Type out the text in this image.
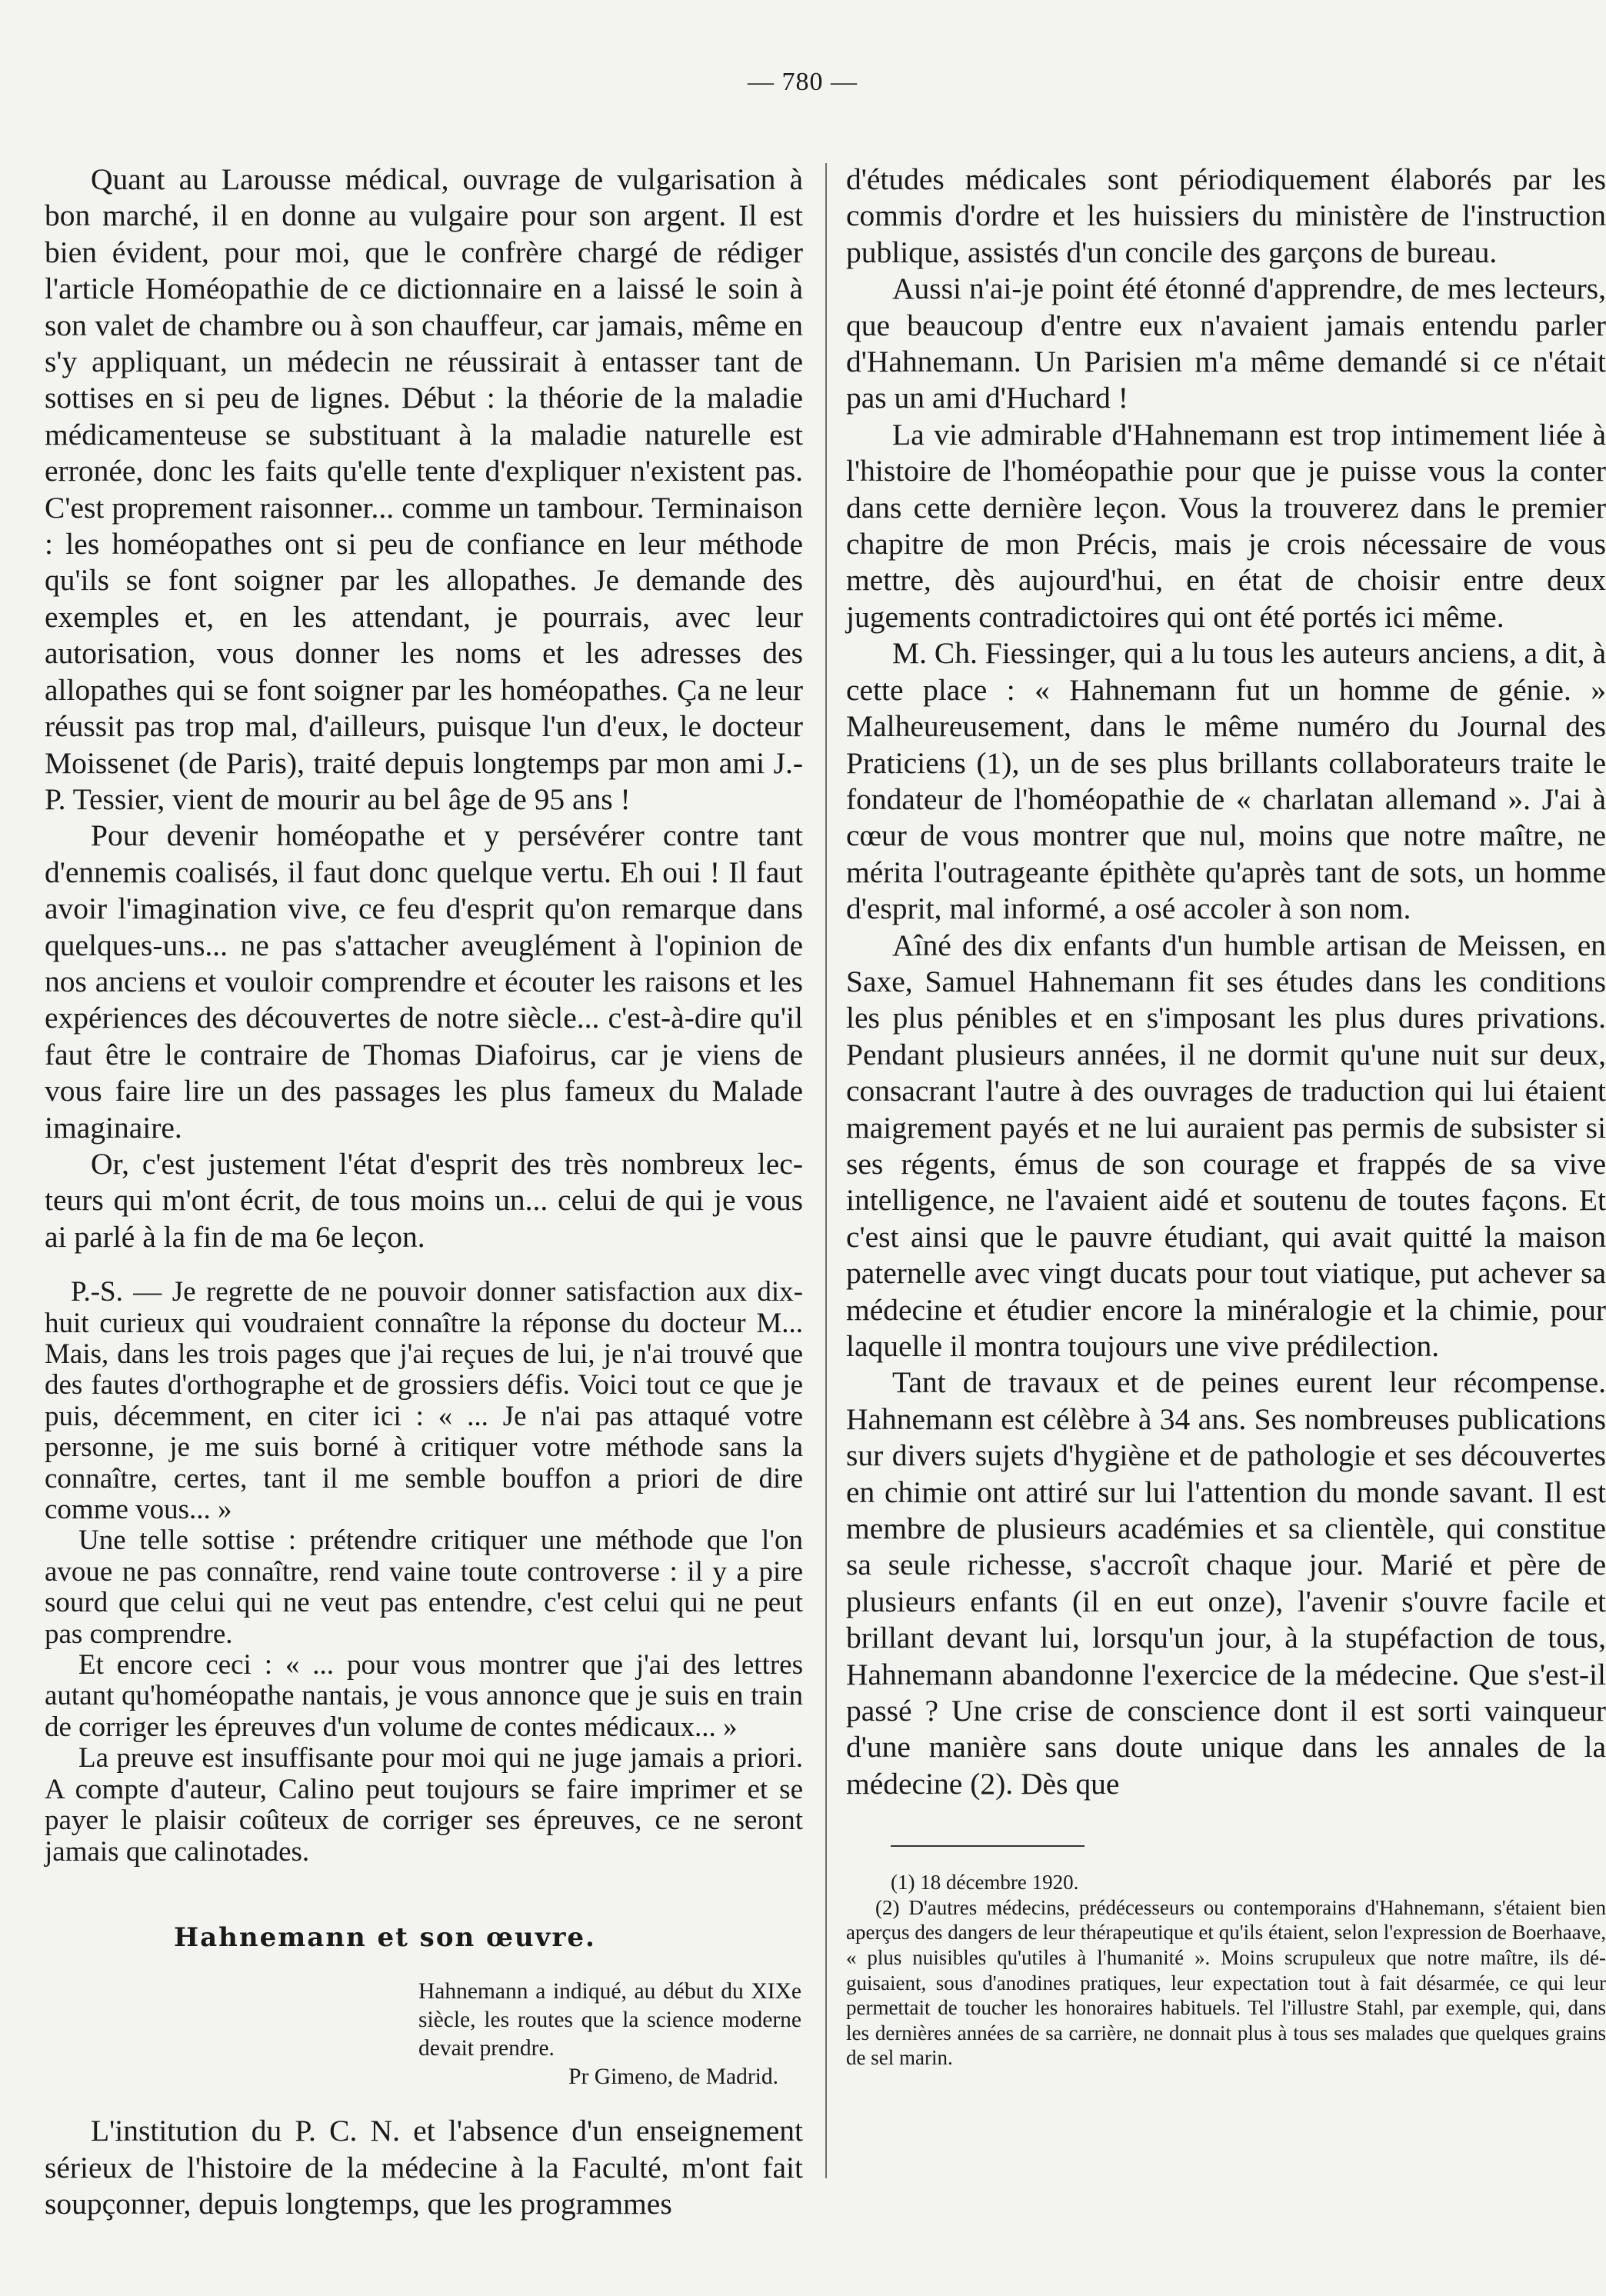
— 780 —

Quant au Larousse médical, ouvrage de vulgarisation à bon marché, il en donne au vulgaire pour son argent. Il est bien évident, pour moi, que le confrère chargé de rédiger l'article Homéopathie de ce dictionnaire en a laissé le soin à son valet de chambre ou à son chauffeur, car jamais, même en s'y appliquant, un médecin ne réussirait à entasser tant de sottises en si peu de lignes. Début : la théorie de la maladie médicamenteuse se substituant à la maladie naturelle est erronée, donc les faits qu'elle tente d'expliquer n'existent pas. C'est proprement raisonner... comme un tambour. Terminaison : les homéopathes ont si peu de confiance en leur méthode qu'ils se font soigner par les allopathes. Je demande des exemples et, en les attendant, je pourrais, avec leur autorisation, vous donner les noms et les adresses des allopathes qui se font soigner par les homéopathes. Ça ne leur réussit pas trop mal, d'ailleurs, puisque l'un d'eux, le docteur Moissenet (de Paris), traité depuis longtemps par mon ami J.-P. Tessier, vient de mourir au bel âge de 95 ans !

Pour devenir homéopathe et y persévérer contre tant d'ennemis coalisés, il faut donc quelque vertu. Eh oui ! Il faut avoir l'imagination vive, ce feu d'esprit qu'on remarque dans quelques-uns... ne pas s'attacher aveuglément à l'opinion de nos anciens et vouloir comprendre et écouter les raisons et les expériences des découvertes de notre siècle... c'est-à-dire qu'il faut être le contraire de Thomas Diafoirus, car je viens de vous faire lire un des passages les plus fameux du Malade imaginaire.

Or, c'est justement l'état d'esprit des très nombreux lecteurs qui m'ont écrit, de tous moins un... celui de qui je vous ai parlé à la fin de ma 6e leçon.

P.-S. — Je regrette de ne pouvoir donner satisfaction aux dix-huit curieux qui voudraient connaître la réponse du docteur M... Mais, dans les trois pages que j'ai reçues de lui, je n'ai trouvé que des fautes d'orthographe et de grossiers défis. Voici tout ce que je puis, décemment, en citer ici : « ... Je n'ai pas attaqué votre personne, je me suis borné à critiquer votre méthode sans la connaître, certes, tant il me semble bouffon a priori de dire comme vous... »

Une telle sottise : prétendre critiquer une méthode que l'on avoue ne pas connaître, rend vaine toute controverse : il y a pire sourd que celui qui ne veut pas entendre, c'est celui qui ne peut pas comprendre.

Et encore ceci : « ... pour vous montrer que j'ai des lettres autant qu'homéopathe nantais, je vous annonce que je suis en train de corriger les épreuves d'un volume de contes médicaux... »

La preuve est insuffisante pour moi qui ne juge jamais a priori. A compte d'auteur, Calino peut toujours se faire imprimer et se payer le plaisir coûteux de corriger ses épreuves, ce ne seront jamais que calinotades.

Hahnemann et son œuvre.
Hahnemann a indiqué, au début du XIXe siècle, les routes que la science moderne devait prendre.
Pr Gimeno, de Madrid.

L'institution du P. C. N. et l'absence d'un enseignement sérieux de l'histoire de la médecine à la Faculté, m'ont fait soupçonner, depuis longtemps, que les programmes

d'études médicales sont périodiquement élaborés par les commis d'ordre et les huissiers du ministère de l'instruction publique, assistés d'un concile des garçons de bureau.

Aussi n'ai-je point été étonné d'apprendre, de mes lecteurs, que beaucoup d'entre eux n'avaient jamais entendu parler d'Hahnemann. Un Parisien m'a même demandé si ce n'était pas un ami d'Huchard !

La vie admirable d'Hahnemann est trop intimement liée à l'histoire de l'homéopathie pour que je puisse vous la conter dans cette dernière leçon. Vous la trouverez dans le premier chapitre de mon Précis, mais je crois nécessaire de vous mettre, dès aujourd'hui, en état de choisir entre deux jugements contradictoires qui ont été portés ici même.

M. Ch. Fiessinger, qui a lu tous les auteurs anciens, a dit, à cette place : « Hahnemann fut un homme de génie. » Malheureusement, dans le même numéro du Journal des Praticiens (1), un de ses plus brillants collaborateurs traite le fondateur de l'homéopathie de « charlatan allemand ». J'ai à cœur de vous montrer que nul, moins que notre maître, ne mérita l'outrageante épithète qu'après tant de sots, un homme d'esprit, mal informé, a osé accoler à son nom.

Aîné des dix enfants d'un humble artisan de Meissen, en Saxe, Samuel Hahnemann fit ses études dans les conditions les plus pénibles et en s'imposant les plus dures privations. Pendant plusieurs années, il ne dormit qu'une nuit sur deux, consacrant l'autre à des ouvrages de traduction qui lui étaient maigrement payés et ne lui auraient pas permis de subsister si ses régents, émus de son courage et frappés de sa vive intelligence, ne l'avaient aidé et soutenu de toutes façons. Et c'est ainsi que le pauvre étudiant, qui avait quitté la maison paternelle avec vingt ducats pour tout viatique, put achever sa médecine et étudier encore la minéralogie et la chimie, pour laquelle il montra toujours une vive prédilection.

Tant de travaux et de peines eurent leur récompense. Hahnemann est célèbre à 34 ans. Ses nombreuses publications sur divers sujets d'hygiène et de pathologie et ses découvertes en chimie ont attiré sur lui l'attention du monde savant. Il est membre de plusieurs académies et sa clientèle, qui constitue sa seule richesse, s'accroît chaque jour. Marié et père de plusieurs enfants (il en eut onze), l'avenir s'ouvre facile et brillant devant lui, lorsqu'un jour, à la stupéfaction de tous, Hahnemann abandonne l'exercice de la médecine. Que s'est-il passé ? Une crise de conscience dont il est sorti vainqueur d'une manière sans doute unique dans les annales de la médecine (2). Dès que

(1) 18 décembre 1920.

(2) D'autres médecins, prédécesseurs ou contemporains d'Hahnemann, s'étaient bien aperçus des dangers de leur thérapeutique et qu'ils étaient, selon l'expression de Boerhaave, « plus nuisibles qu'utiles à l'humanité ». Moins scrupuleux que notre maître, ils déguisaient, sous d'anodines pratiques, leur expectation tout à fait désarmée, ce qui leur permettait de toucher les honoraires habituels. Tel l'illustre Stahl, par exemple, qui, dans les dernières années de sa carrière, ne donnait plus à tous ses malades que quelques grains de sel marin.
